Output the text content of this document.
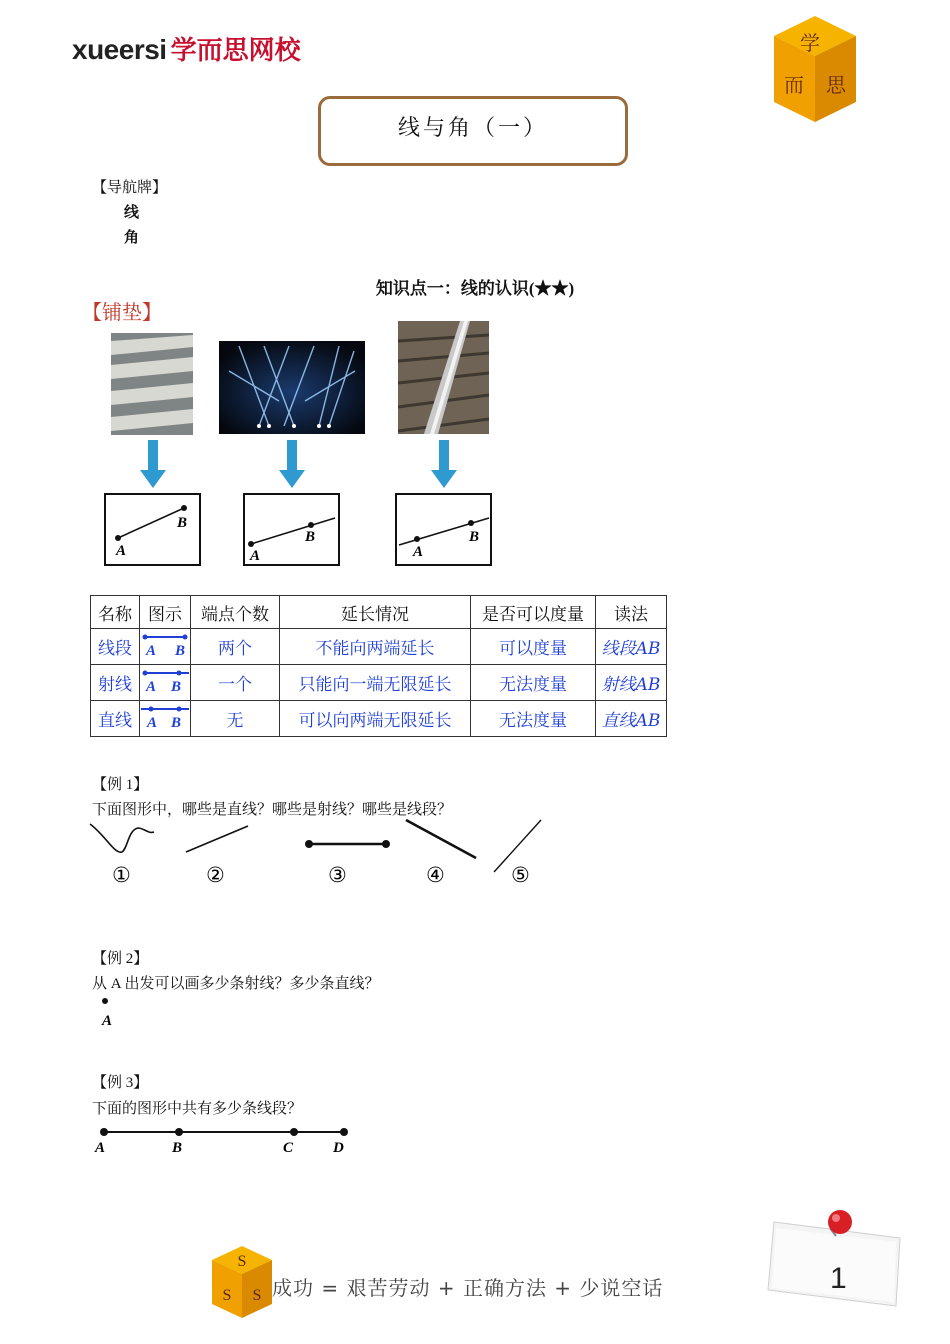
xueersi 学而思网校	学
而 思
线与角（一）
【导航牌】
线
角
知识点一：线的认识(★★)
【铺垫】
A
B
A
B
A
B
名称	图示	端点个数	延长情况	是否可以度量	读法
线段	A B	两个	不能向两端延长	可以度量	线段AB
射线	A B	一个	只能向一端无限延长	无法度量	射线AB
直线	A B	无	可以向两端无限延长	无法度量	直线AB
【例 1】
下面图形中，哪些是直线？哪些是射线？哪些是线段？
①	②	③	④	⑤
【例 2】
从 A 出发可以画多少条射线？多少条直线？
A
【例 3】
下面的图形中共有多少条线段？
A	B	C	D
S
S S 成功 = 艰苦劳动 + 正确方法 + 少说空话	1
